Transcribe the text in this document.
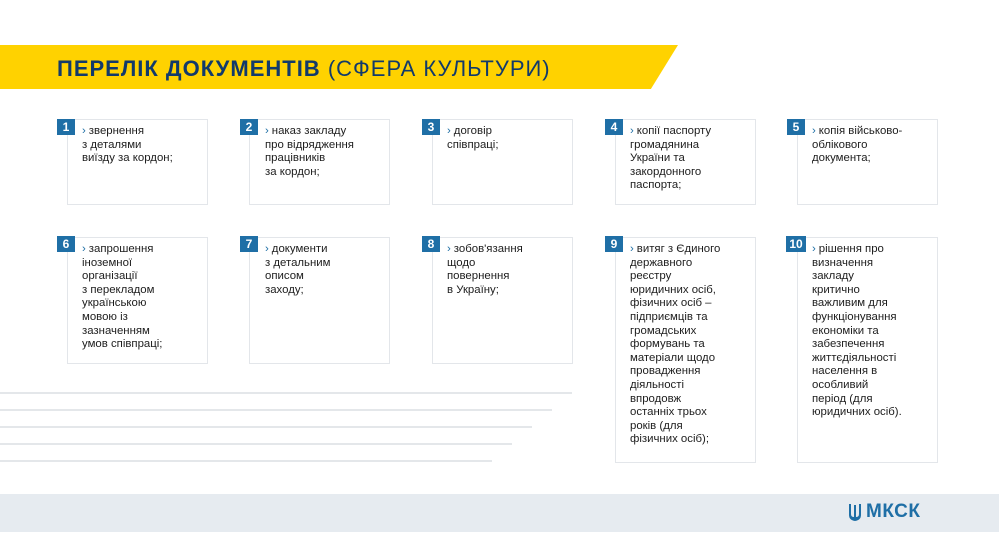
ПЕРЕЛІК ДОКУМЕНТІВ (СФЕРА КУЛЬТУРИ)
1	› звернення
з деталями
виїзду за кордон;
2	› наказ закладу
про відрядження
працівників
за кордон;
3	› договір
співпраці;
4	› копії паспорту
громадянина
України та
закордонного
паспорта;
5	› копія військово-
облікового
документа;
6	› запрошення
іноземної
організації
з перекладом
українською
мовою із
зазначенням
умов співпраці;
7	› документи
з детальним
описом
заходу;
8	› зобов'язання
щодо
повернення
в Україну;
9	› витяг з Єдиного
державного
реєстру
юридичних осіб,
фізичних осіб –
підприємців та
громадських
формувань та
матеріали щодо
провадження
діяльності
впродовж
останніх трьох
років (для
фізичних осіб);
10 › рішення про
визначення
закладу
критично
важливим для
функціонування
економіки та
забезпечення
життєдіяльності
населення в
особливий
період (для
юридичних осіб).
МКСК
